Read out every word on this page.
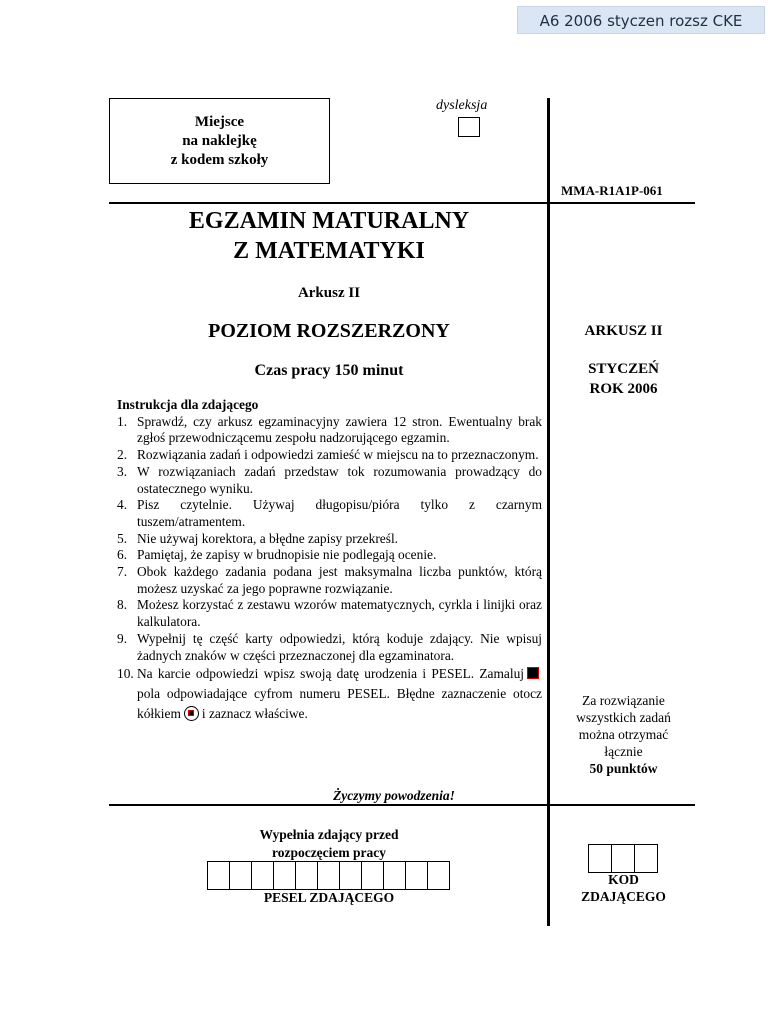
A6 2006 styczen rozsz CKE
Miejsce
na naklejkę
z kodem szkoły
dysleksja
MMA-R1A1P-061
EGZAMIN MATURALNY
Z MATEMATYKI
Arkusz II
POZIOM ROZSZERZONY
Czas pracy 150 minut
ARKUSZ II
STYCZEŃ
ROK 2006
Za rozwiązanie
wszystkich zadań
można otrzymać
łącznie
50 punktów
Instrukcja dla zdającego
1. Sprawdź, czy arkusz egzaminacyjny zawiera 12 stron. Ewentualny brak zgłoś przewodniczącemu zespołu nadzorującego egzamin.
2. Rozwiązania zadań i odpowiedzi zamieść w miejscu na to przeznaczonym.
3. W rozwiązaniach zadań przedstaw tok rozumowania prowadzący do ostatecznego wyniku.
4. Pisz czytelnie. Używaj długopisu/pióra tylko z czarnym tuszem/atramentem.
5. Nie używaj korektora, a błędne zapisy przekreśl.
6. Pamiętaj, że zapisy w brudnopisie nie podlegają ocenie.
7. Obok każdego zadania podana jest maksymalna liczba punktów, którą możesz uzyskać za jego poprawne rozwiązanie.
8. Możesz korzystać z zestawu wzorów matematycznych, cyrkla i linijki oraz kalkulatora.
9. Wypełnij tę część karty odpowiedzi, którą koduje zdający. Nie wpisuj żadnych znaków w części przeznaczonej dla egzaminatora.
10. Na karcie odpowiedzi wpisz swoją datę urodzenia i PESEL. Zamalujpola odpowiadające cyfrom numeru PESEL. Błędne zaznaczenie otocz kółkiem i zaznacz właściwe.
Życzymy powodzenia!
Wypełnia zdający przed
rozpoczęciem pracy
PESEL ZDAJĄCEGO
KOD
ZDAJĄCEGO
